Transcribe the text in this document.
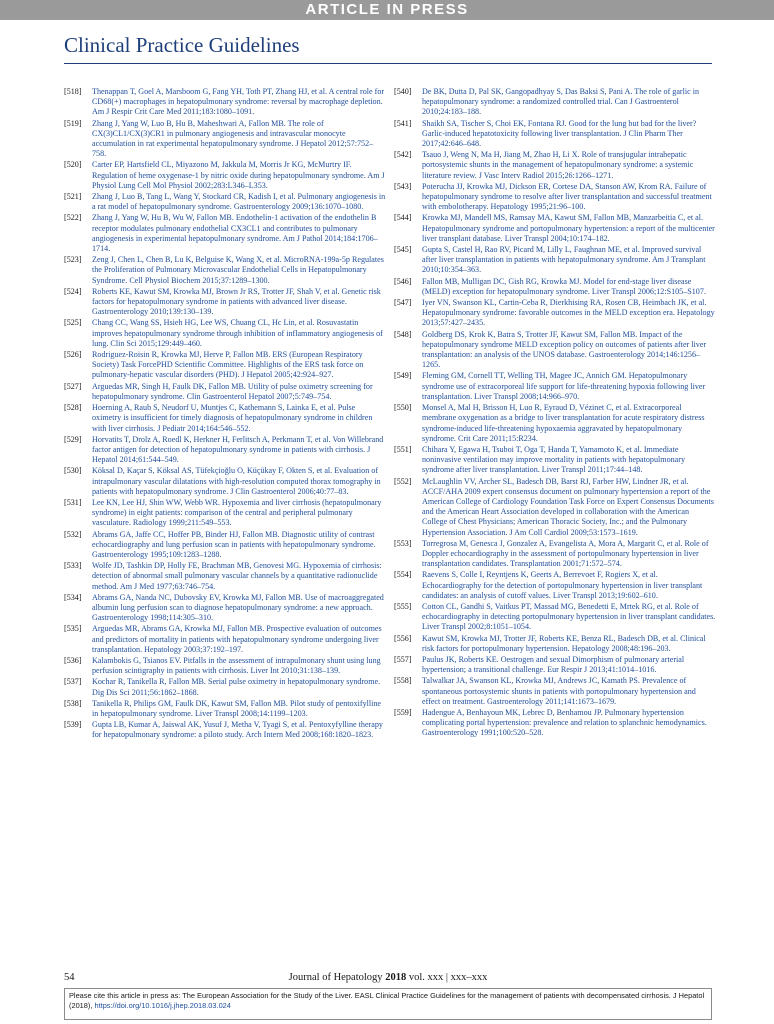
ARTICLE IN PRESS
Clinical Practice Guidelines
[518] Thenappan T, Goel A, Marsboom G, Fang YH, Toth PT, Zhang HJ, et al. A central role for CD68(+) macrophages in hepatopulmonary syndrome: reversal by macrophage depletion. Am J Respir Crit Care Med 2011;183:1080–1091.
[519] Zhang J, Yang W, Luo B, Hu B, Maheshwari A, Fallon MB. The role of CX(3)CL1/CX(3)CR1 in pulmonary angiogenesis and intravascular monocyte accumulation in rat experimental hepatopulmonary syndrome. J Hepatol 2012;57:752–758.
[520] Carter EP, Hartsfield CL, Miyazono M, Jakkula M, Morris Jr KG, McMurtry IF. Regulation of heme oxygenase-1 by nitric oxide during hepatopulmonary syndrome. Am J Physiol Lung Cell Mol Physiol 2002;283:L346–L353.
[521] Zhang J, Luo B, Tang L, Wang Y, Stockard CR, Kadish I, et al. Pulmonary angiogenesis in a rat model of hepatopulmonary syndrome. Gastroenterology 2009;136:1070–1080.
[522] Zhang J, Yang W, Hu B, Wu W, Fallon MB. Endothelin-1 activation of the endothelin B receptor modulates pulmonary endothelial CX3CL1 and contributes to pulmonary angiogenesis in experimental hepatopulmonary syndrome. Am J Pathol 2014;184:1706–1714.
[523] Zeng J, Chen L, Chen B, Lu K, Belguise K, Wang X, et al. MicroRNA-199a-5p Regulates the Proliferation of Pulmonary Microvascular Endothelial Cells in Hepatopulmonary Syndrome. Cell Physiol Biochem 2015;37:1289–1300.
[524] Roberts KE, Kawut SM, Krowka MJ, Brown Jr RS, Trotter JF, Shah V, et al. Genetic risk factors for hepatopulmonary syndrome in patients with advanced liver disease. Gastroenterology 2010;139:130–139.
[525] Chang CC, Wang SS, Hsieh HG, Lee WS, Chuang CL, Hc Lin, et al. Rosuvastatin improves hepatopulmonary syndrome through inhibition of inflammatory angiogenesis of lung. Clin Sci 2015;129:449–460.
[526] Rodriguez-Roisin R, Krowka MJ, Herve P, Fallon MB. ERS (European Respiratory Society) Task ForcePHD Scientific Committee. Highlights of the ERS task force on pulmonary-hepatic vascular disorders (PHD). J Hepatol 2005;42:924–927.
[527] Arguedas MR, Singh H, Faulk DK, Fallon MB. Utility of pulse oximetry screening for hepatopulmonary syndrome. Clin Gastroenterol Hepatol 2007;5:749–754.
[528] Hoerning A, Raub S, Neudorf U, Muntjes C, Kathemann S, Lainka E, et al. Pulse oximetry is insufficient for timely diagnosis of hepatopulmonary syndrome in children with liver cirrhosis. J Pediatr 2014;164:546–552.
[529] Horvatits T, Drolz A, Roedl K, Herkner H, Ferlitsch A, Perkmann T, et al. Von Willebrand factor antigen for detection of hepatopulmonary syndrome in patients with cirrhosis. J Hepatol 2014;61:544–549.
[530] Köksal D, Kaçar S, Köksal AS, Tüfekçioğlu O, Küçükay F, Okten S, et al. Evaluation of intrapulmonary vascular dilatations with high-resolution computed thorax tomography in patients with hepatopulmonary syndrome. J Clin Gastroenterol 2006;40:77–83.
[531] Lee KN, Lee HJ, Shin WW, Webb WR. Hypoxemia and liver cirrhosis (hepatopulmonary syndrome) in eight patients: comparison of the central and peripheral pulmonary vasculature. Radiology 1999;211:549–553.
[532] Abrams GA, Jaffe CC, Hoffer PB, Binder HJ, Fallon MB. Diagnostic utility of contrast echocardiography and lung perfusion scan in patients with hepatopulmonary syndrome. Gastroenterology 1995;109:1283–1288.
[533] Wolfe JD, Tashkin DP, Holly FE, Brachman MB, Genovesi MG. Hypoxemia of cirrhosis: detection of abnormal small pulmonary vascular channels by a quantitative radionuclide method. Am J Med 1977;63:746–754.
[534] Abrams GA, Nanda NC, Dubovsky EV, Krowka MJ, Fallon MB. Use of macroaggregated albumin lung perfusion scan to diagnose hepatopulmonary syndrome: a new approach. Gastroenterology 1998;114:305–310.
[535] Arguedas MR, Abrams GA, Krowka MJ, Fallon MB. Prospective evaluation of outcomes and predictors of mortality in patients with hepatopulmonary syndrome undergoing liver transplantation. Hepatology 2003;37:192–197.
[536] Kalambokis G, Tsianos EV. Pitfalls in the assessment of intrapulmonary shunt using lung perfusion scintigraphy in patients with cirrhosis. Liver Int 2010;31:138–139.
[537] Kochar R, Tanikella R, Fallon MB. Serial pulse oximetry in hepatopulmonary syndrome. Dig Dis Sci 2011;56:1862–1868.
[538] Tanikella R, Philips GM, Faulk DK, Kawut SM, Fallon MB. Pilot study of pentoxifylline in hepatopulmonary syndrome. Liver Transpl 2008;14:1199–1203.
[539] Gupta LB, Kumar A, Jaiswal AK, Yusuf J, Metha V, Tyagi S, et al. Pentoxyfylline therapy for hepatopulmonary syndrome: a piloto study. Arch Intern Med 2008;168:1820–1823.
[540] De BK, Dutta D, Pal SK, Gangopadhyay S, Das Baksi S, Pani A. The role of garlic in hepatopulmonary syndrome: a randomized controlled trial. Can J Gastroenterol 2010;24:183–188.
[541] Shaikh SA, Tischer S, Choi EK, Fontana RJ. Good for the lung but bad for the liver? Garlic-induced hepatotoxicity following liver transplantation. J Clin Pharm Ther 2017;42:646–648.
[542] Tsauo J, Weng N, Ma H, Jiang M, Zhao H, Li X. Role of transjugular intrahepatic portosystemic shunts in the management of hepatopulmonary syndrome: a systemic literature review. J Vasc Interv Radiol 2015;26:1266–1271.
[543] Poterucha JJ, Krowka MJ, Dickson ER, Cortese DA, Stanson AW, Krom RA. Failure of hepatopulmonary syndrome to resolve after liver transplantation and successful treatment with embolotherapy. Hepatology 1995;21:96–100.
[544] Krowka MJ, Mandell MS, Ramsay MA, Kawut SM, Fallon MB, Manzarbeitia C, et al. Hepatopulmonary syndrome and portopulmonary hypertension: a report of the multicenter liver transplant database. Liver Transpl 2004;10:174–182.
[545] Gupta S, Castel H, Rao RV, Picard M, Lilly L, Faughnan ME, et al. Improved survival after liver transplantation in patients with hepatopulmonary syndrome. Am J Transplant 2010;10:354–363.
[546] Fallon MB, Mulligan DC, Gish RG, Krowka MJ. Model for end-stage liver disease (MELD) exception for hepatopulmonary syndrome. Liver Transpl 2006;12:S105–S107.
[547] Iyer VN, Swanson KL, Cartin-Ceba R, Dierkhising RA, Rosen CB, Heimbach JK, et al. Hepatopulmonary syndrome: favorable outcomes in the MELD exception era. Hepatology 2013;57:427–2435.
[548] Goldberg DS, Krok K, Batra S, Trotter JF, Kawut SM, Fallon MB. Impact of the hepatopulmonary syndrome MELD exception policy on outcomes of patients after liver transplantation: an analysis of the UNOS database. Gastroenterology 2014;146:1256–1265.
[549] Fleming GM, Cornell TT, Welling TH, Magee JC, Annich GM. Hepatopulmonary syndrome use of extracorporeal life support for life-threatening hypoxia following liver transplantation. Liver Transpl 2008;14:966–970.
[550] Monsel A, Mal H, Brisson H, Luo R, Eyraud D, Vézinet C, et al. Extracorporeal membrane oxygenation as a bridge to liver transplantation for acute respiratory distress syndrome-induced life-threatening hypoxaemia aggravated by hepatopulmonary syndrome. Crit Care 2011;15:R234.
[551] Chihara Y, Egawa H, Tsuboi T, Oga T, Handa T, Yamamoto K, et al. Immediate noninvasive ventilation may improve mortality in patients with hepatopulmonary syndrome after liver transplantation. Liver Transpl 2011;17:44–148.
[552] McLaughlin VV, Archer SL, Badesch DB, Barst RJ, Farber HW, Lindner JR, et al. ACCF/AHA 2009 expert consensus document on pulmonary hypertension a report of the American College of Cardiology Foundation Task Force on Expert Consensus Documents and the American Heart Association developed in collaboration with the American College of Chest Physicians; American Thoracic Society, Inc.; and the Pulmonary Hypertension Association. J Am Coll Cardiol 2009;53:1573–1619.
[553] Torregrosa M, Genesca J, Gonzalez A, Evangelista A, Mora A, Margarit C, et al. Role of Doppler echocardiography in the assessment of portopulmonary hypertension in liver transplantation candidates. Transplantation 2001;71:572–574.
[554] Raevens S, Colle I, Reyntjens K, Geerts A, Berrevoet F, Rogiers X, et al. Echocardiography for the detection of portopulmonary hypertension in liver transplant candidates: an analysis of cutoff values. Liver Transpl 2013;19:602–610.
[555] Cotton CL, Gandhi S, Vaitkus PT, Massad MG, Benedetti E, Mrtek RG, et al. Role of echocardiography in detecting portopulmonary hypertension in liver transplant candidates. Liver Transpl 2002;8:1051–1054.
[556] Kawut SM, Krowka MJ, Trotter JF, Roberts KE, Benza RL, Badesch DB, et al. Clinical risk factors for portopulmonary hypertension. Hepatology 2008;48:196–203.
[557] Paulus JK, Roberts KE. Oestrogen and sexual Dimorphism of pulmonary arterial hypertension; a transitional challenge. Eur Respir J 2013;41:1014–1016.
[558] Talwalkar JA, Swanson KL, Krowka MJ, Andrews JC, Kamath PS. Prevalence of spontaneous portosystemic shunts in patients with portopulmonary hypertension and effect on treatment. Gastroenterology 2011;141:1673–1679.
[559] Hadengue A, Benhayoun MK, Lebrec D, Benhamou JP. Pulmonary hypertension complicating portal hypertension: prevalence and relation to splanchnic hemodynamics. Gastroenterology 1991;100:520–528.
54	Journal of Hepatology 2018 vol. xxx | xxx–xxx
Please cite this article in press as: The European Association for the Study of the Liver. EASL Clinical Practice Guidelines for the management of patients with decompensated cirrhosis. J Hepatol (2018), https://doi.org/10.1016/j.jhep.2018.03.024
